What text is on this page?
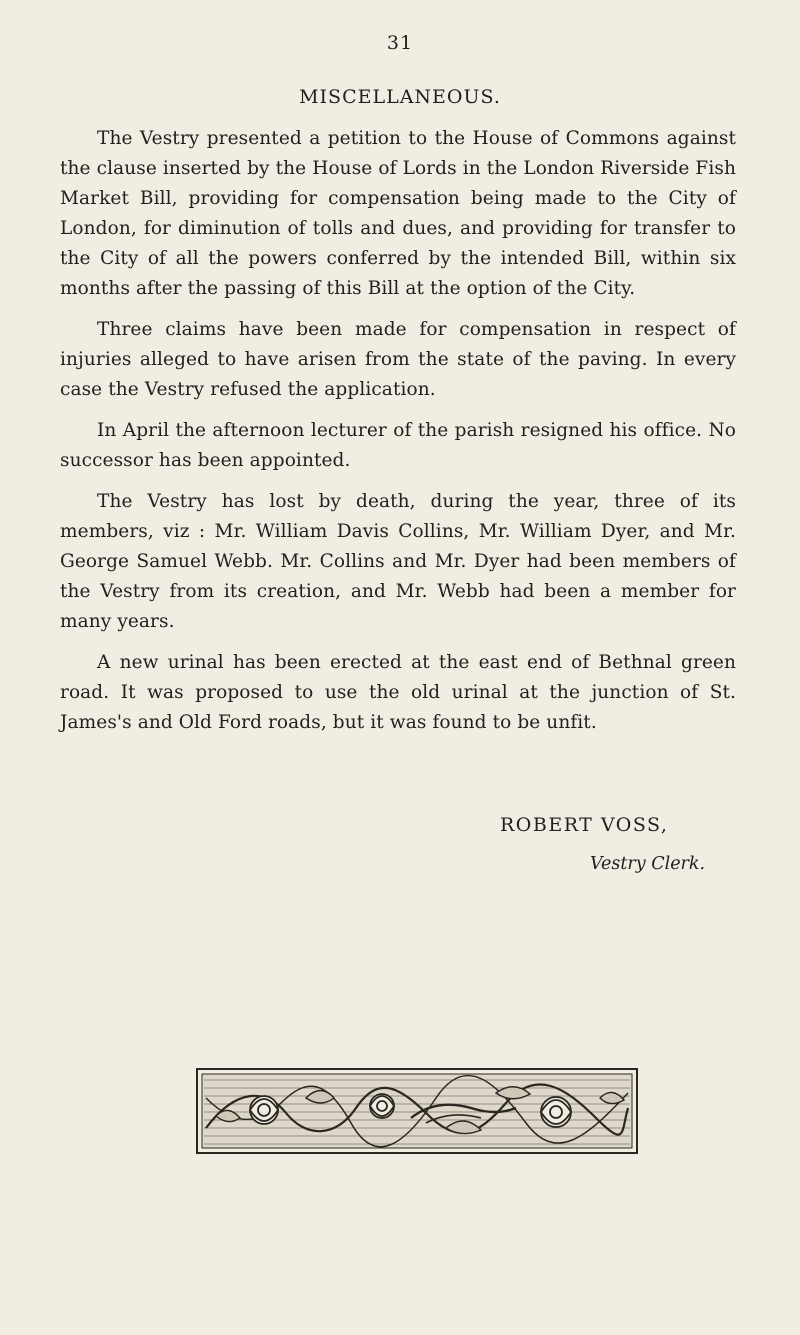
31
MISCELLANEOUS.

The Vestry presented a petition to the House of Commons against the clause inserted by the House of Lords in the London Riverside Fish Market Bill, providing for compensation being made to the City of London, for diminution of tolls and dues, and providing for transfer to the City of all the powers conferred by the intended Bill, within six months after the passing of this Bill at the option of the City.

Three claims have been made for compensation in respect of injuries alleged to have arisen from the state of the paving. In every case the Vestry refused the application.

In April the afternoon lecturer of the parish resigned his office. No successor has been appointed.

The Vestry has lost by death, during the year, three of its members, viz : Mr. William Davis Collins, Mr. William Dyer, and Mr. George Samuel Webb. Mr. Collins and Mr. Dyer had been members of the Vestry from its creation, and Mr. Webb had been a member for many years.

A new urinal has been erected at the east end of Bethnal green road. It was proposed to use the old urinal at the junction of St. James's and Old Ford roads, but it was found to be unfit.

ROBERT VOSS,
Vestry Clerk.
